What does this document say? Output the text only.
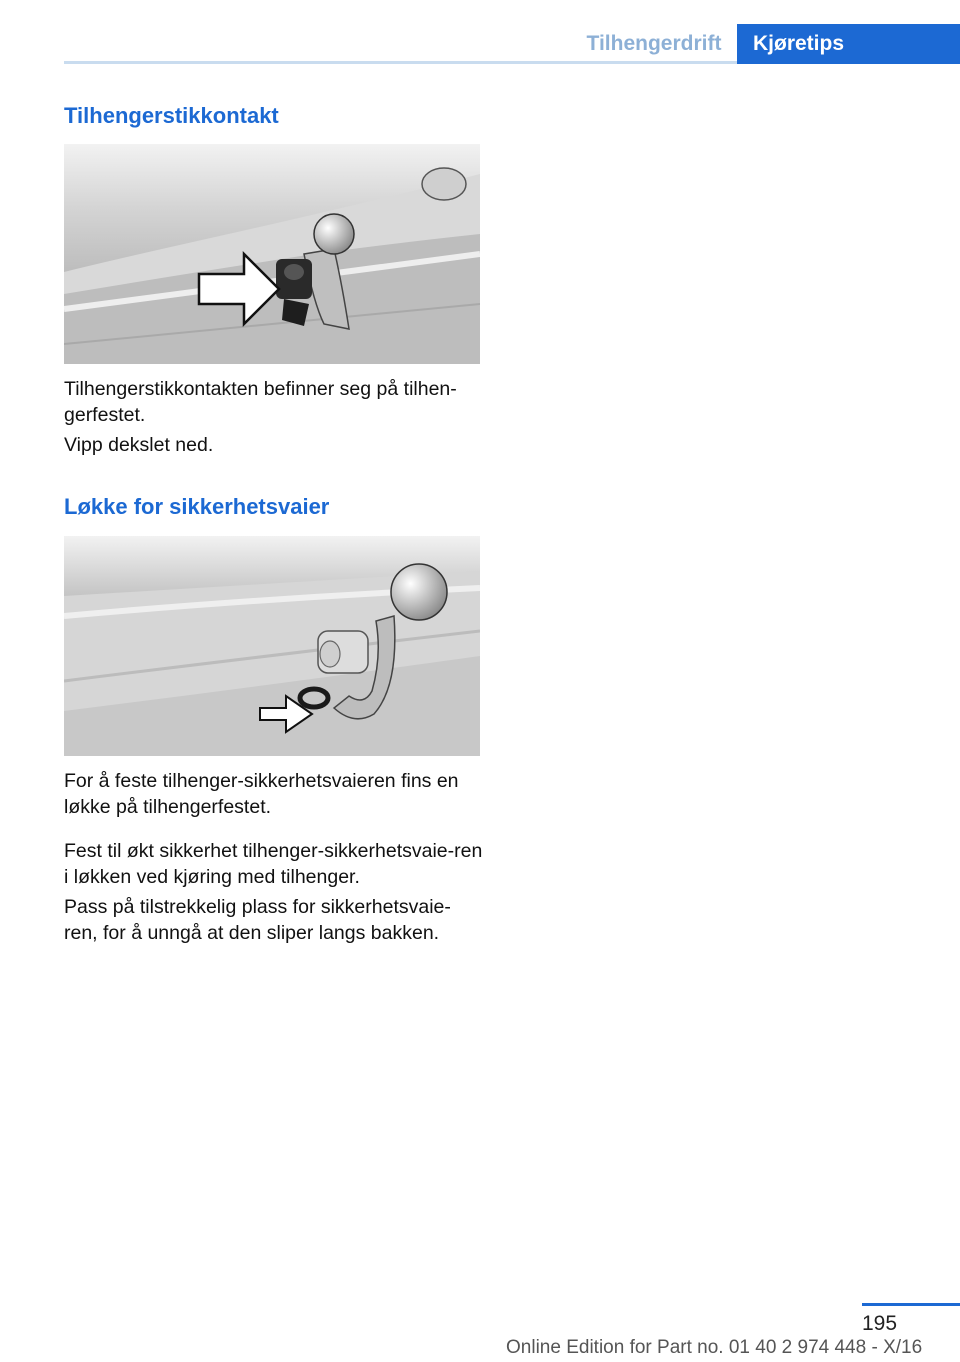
Tilhengerdrift	Kjøretips
Tilhengerstikkontakt

Tilhengerstikkontakten befinner seg på tilhen-gerfestet.

Vipp dekslet ned.

Løkke for sikkerhetsvaier

For å feste tilhenger-sikkerhetsvaieren fins en løkke på tilhengerfestet.

Fest til økt sikkerhet tilhenger-sikkerhetsvaie-ren i løkken ved kjøring med tilhenger.

Pass på tilstrekkelig plass for sikkerhetsvaie-ren, for å unngå at den sliper langs bakken.

195
Online Edition for Part no. 01 40 2 974 448 - X/16
